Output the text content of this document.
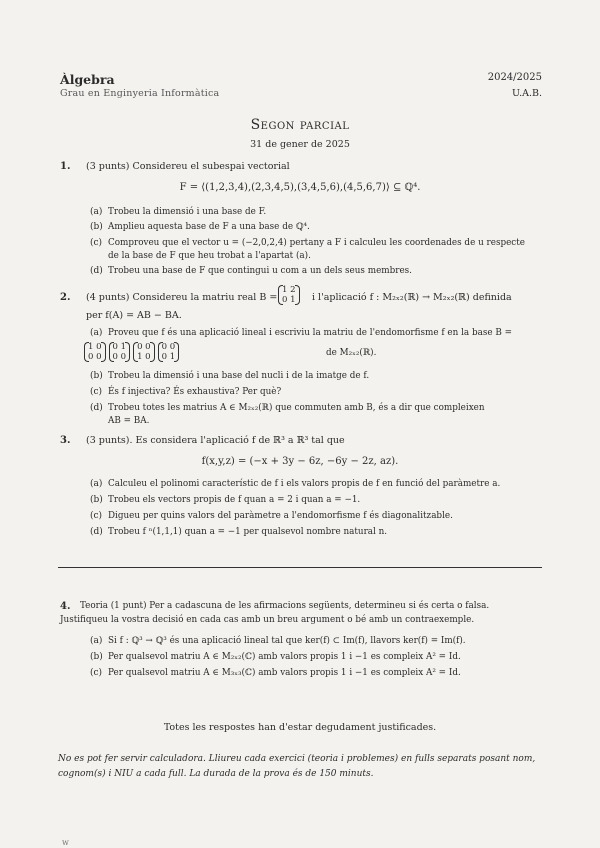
Àlgebra
Grau en Enginyeria Informàtica
2024/2025
U.A.B.
Segon parcial
31 de gener de 2025
1. (3 punts) Considereu el subespai vectorial
F = ⟨(1,2,3,4),(2,3,4,5),(3,4,5,6),(4,5,6,7)⟩ ⊆ ℚ⁴.
(a) Trobeu la dimensió i una base de F.
(b) Amplieu aquesta base de F a una base de ℚ⁴.
(c) Comproveu que el vector u = (−2,0,2,4) pertany a F i calculeu les coordenades de u respecte
de la base de F que heu trobat a l'apartat (a).
(d) Trobeu una base de F que contingui u com a un dels seus membres.
2. (4 punts) Considereu la matriu real B =
1 2
0 1 i l'aplicació f : M₂ₓ₂(ℝ) → M₂ₓ₂(ℝ) definida
per f(A) = AB − BA.
(a) Proveu que f és una aplicació lineal i escriviu la matriu de l'endomorfisme f en la base B =
1 0
0 0
0 1
0 0
0 0
1 0
0 0
0 1	de M₂ₓ₂(ℝ).
(b) Trobeu la dimensió i una base del nucli i de la imatge de f.
(c) És f injectiva? És exhaustiva? Per què?
(d) Trobeu totes les matrius A ∈ M₂ₓ₂(ℝ) que commuten amb B, és a dir que compleixen
AB = BA.
3. (3 punts). Es considera l'aplicació f de ℝ³ a ℝ³ tal que
f(x,y,z) = (−x + 3y − 6z, −6y − 2z, az).
(a) Calculeu el polinomi característic de f i els valors propis de f en funció del paràmetre a.
(b) Trobeu els vectors propis de f quan a = 2 i quan a = −1.
(c) Digueu per quins valors del paràmetre a l'endomorfisme f és diagonalitzable.
(d) Trobeu f ⁿ(1,1,1) quan a = −1 per qualsevol nombre natural n.
4. Teoria (1 punt) Per a cadascuna de les afirmacions següents, determineu si és certa o falsa.
Justifiqueu la vostra decisió en cada cas amb un breu argument o bé amb un contraexemple.
(a) Si f : ℚ³ → ℚ³ és una aplicació lineal tal que ker(f) ⊂ Im(f), llavors ker(f) = Im(f).
(b) Per qualsevol matriu A ∈ M₂ₓ₂(ℂ) amb valors propis 1 i −1 es compleix A² = Id.
(c) Per qualsevol matriu A ∈ M₃ₓ₃(ℂ) amb valors propis 1 i −1 es compleix A² = Id.
Totes les respostes han d'estar degudament justificades.
No es pot fer servir calculadora. Lliureu cada exercici (teoria i problemes) en fulls separats posant nom, cognom(s) i NIU a cada full. La durada de la prova és de 150 minuts.
w
